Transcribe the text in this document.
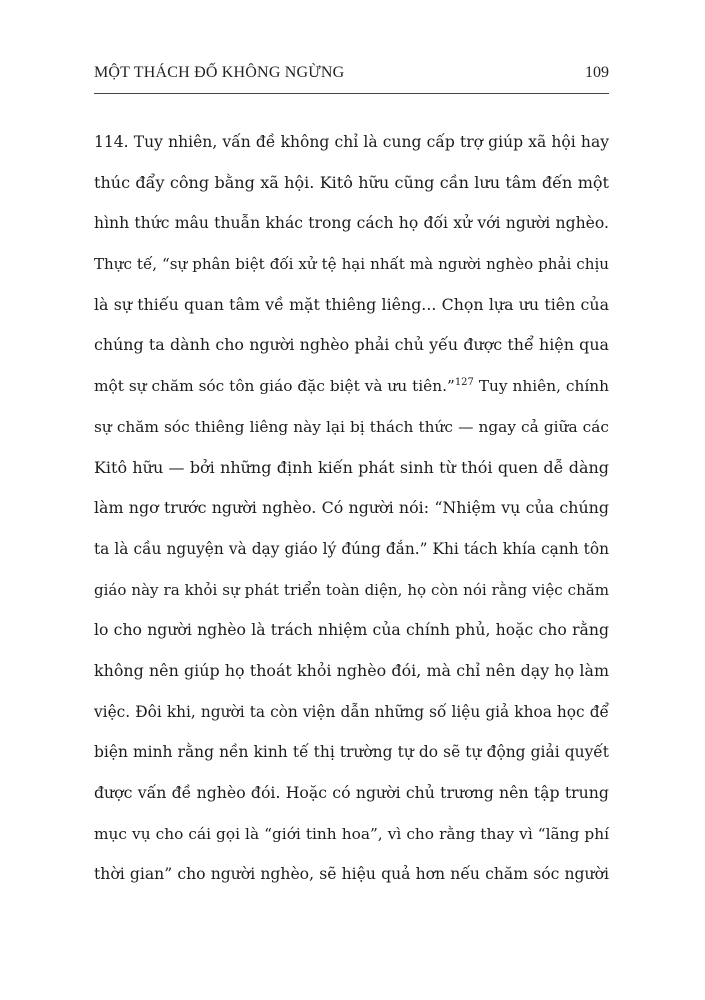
MỘT THÁCH ĐỐ KHÔNG NGỪNG	109
114. Tuy nhiên, vấn đề không chỉ là cung cấp trợ giúp xã hội hay
thúc đẩy công bằng xã hội. Kitô hữu cũng cần lưu tâm đến một
hình thức mâu thuẫn khác trong cách họ đối xử với người nghèo.
Thực tế, “sự phân biệt đối xử tệ hại nhất mà người nghèo phải chịu
là sự thiếu quan tâm về mặt thiêng liêng... Chọn lựa ưu tiên của
chúng ta dành cho người nghèo phải chủ yếu được thể hiện qua
một sự chăm sóc tôn giáo đặc biệt và ưu tiên.”$^{127}$ Tuy nhiên, chính
sự chăm sóc thiêng liêng này lại bị thách thức — ngay cả giữa các
Kitô hữu — bởi những định kiến phát sinh từ thói quen dễ dàng
làm ngơ trước người nghèo. Có người nói: “Nhiệm vụ của chúng
ta là cầu nguyện và dạy giáo lý đúng đắn.” Khi tách khía cạnh tôn
giáo này ra khỏi sự phát triển toàn diện, họ còn nói rằng việc chăm
lo cho người nghèo là trách nhiệm của chính phủ, hoặc cho rằng
không nên giúp họ thoát khỏi nghèo đói, mà chỉ nên dạy họ làm
việc. Đôi khi, người ta còn viện dẫn những số liệu giả khoa học để
biện minh rằng nền kinh tế thị trường tự do sẽ tự động giải quyết
được vấn đề nghèo đói. Hoặc có người chủ trương nên tập trung
mục vụ cho cái gọi là “giới tinh hoa”, vì cho rằng thay vì “lãng phí
thời gian” cho người nghèo, sẽ hiệu quả hơn nếu chăm sóc người
